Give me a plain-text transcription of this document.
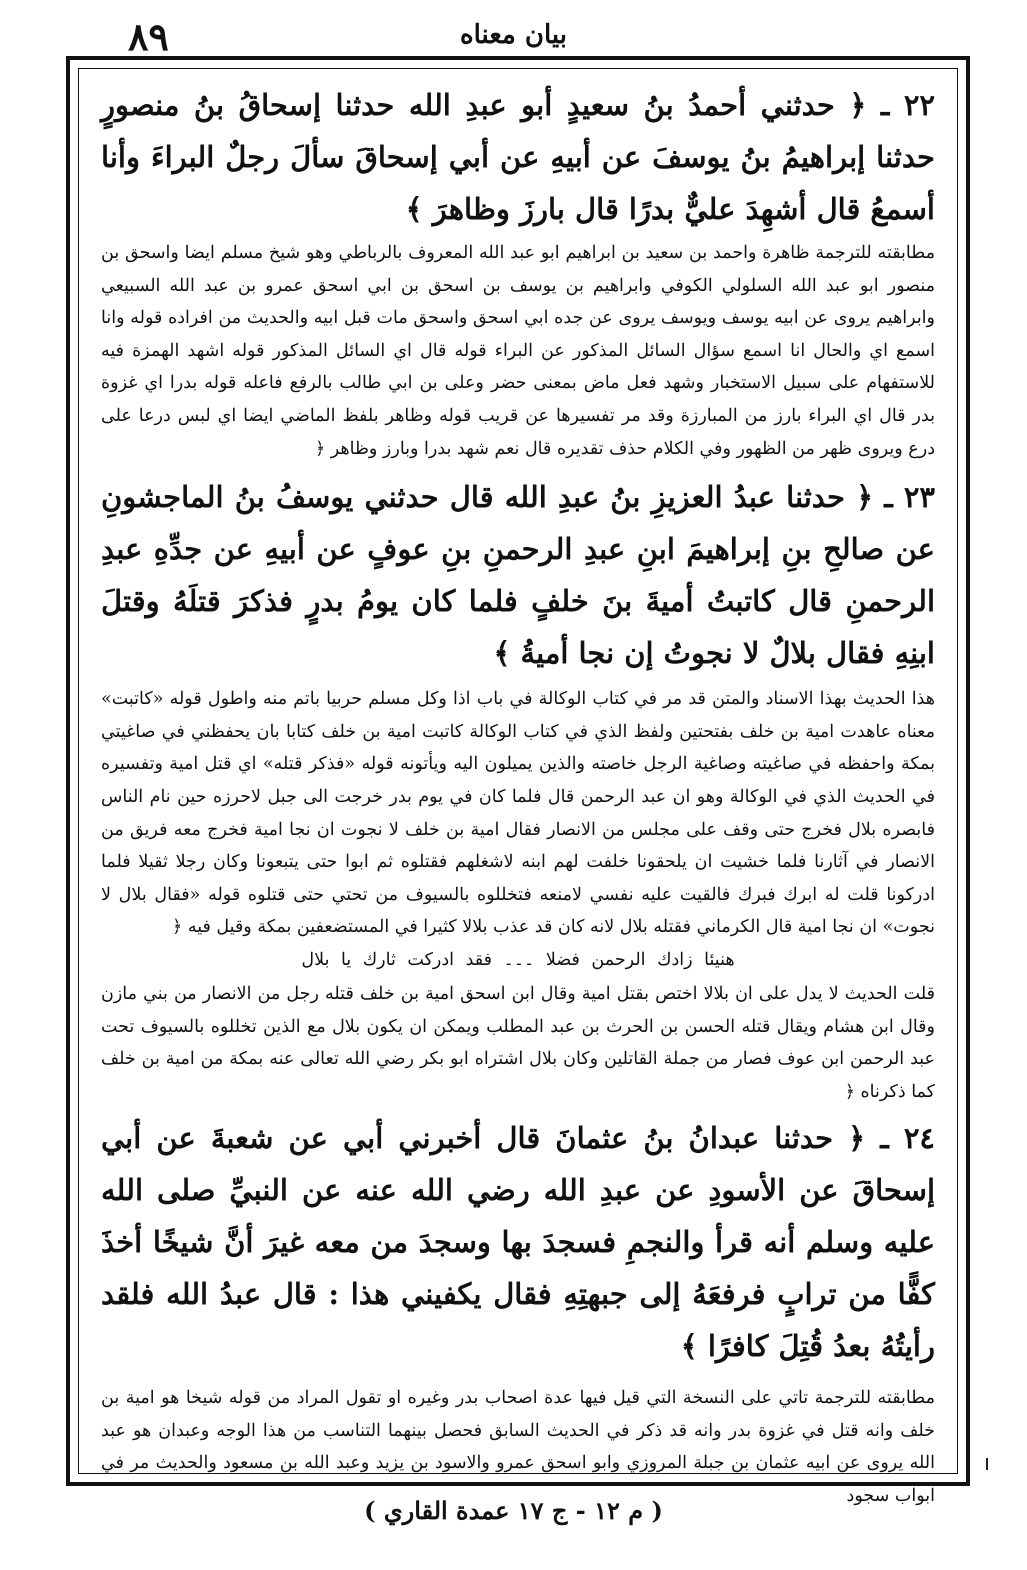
٨٩	بيان معناه

٢٢ ـ ﴿ حدثني أحمدُ بنُ سعيدٍ أبو عبدِ الله حدثنا إسحاقُ بنُ منصورٍ حدثنا إبراهيمُ بنُ يوسفَ عن أبيهِ عن أبي إسحاقَ سألَ رجلٌ البراءَ وأنا أسمعُ قال أشهِدَ عليٌّ بدرًا قال بارزَ وظاهرَ ﴾

مطابقته للترجمة ظاهرة واحمد بن سعيد بن ابراهيم ابو عبد الله المعروف بالرباطي وهو شيخ مسلم ايضا واسحق بن منصور ابو عبد الله السلولي الكوفي وابراهيم بن يوسف بن اسحق بن ابي اسحق عمرو بن عبد الله السبيعي وابراهيم يروى عن ابيه يوسف ويوسف يروى عن جده ابي اسحق واسحق مات قبل ابيه والحديث من افراده قوله وانا اسمع اي والحال انا اسمع سؤال السائل المذكور عن البراء قوله قال اي السائل المذكور قوله اشهد الهمزة فيه للاستفهام على سبيل الاستخبار وشهد فعل ماض بمعنى حضر وعلى بن ابي طالب بالرفع فاعله قوله بدرا اي غزوة بدر قال اي البراء بارز من المبارزة وقد مر تفسيرها عن قريب قوله وظاهر بلفظ الماضي ايضا اي لبس درعا على درع ويروى ظهر من الظهور وفي الكلام حذف تقديره قال نعم شهد بدرا وبارز وظاهر ﴿

٢٣ ـ ﴿ حدثنا عبدُ العزيزِ بنُ عبدِ الله قال حدثني يوسفُ بنُ الماجشونِ عن صالحِ بنِ إبراهيمَ ابنِ عبدِ الرحمنِ بنِ عوفٍ عن أبيهِ عن جدِّهِ عبدِ الرحمنِ قال كاتبتُ أميةَ بنَ خلفٍ فلما كان يومُ بدرٍ فذكرَ قتلَهُ وقتلَ ابنِهِ فقال بلالٌ لا نجوتُ إن نجا أميةُ ﴾

هذا الحديث بهذا الاسناد والمتن قد مر في كتاب الوكالة في باب اذا وكل مسلم حربيا باتم منه واطول قوله «كاتبت» معناه عاهدت امية بن خلف بفتحتين ولفظ الذي في كتاب الوكالة كاتبت امية بن خلف كتابا بان يحفظني في صاغيتي بمكة واحفظه في صاغيته وصاغية الرجل خاصته والذين يميلون اليه ويأتونه قوله «فذكر قتله» اي قتل امية وتفسيره في الحديث الذي في الوكالة وهو ان عبد الرحمن قال فلما كان في يوم بدر خرجت الى جبل لاحرزه حين نام الناس فابصره بلال فخرج حتى وقف على مجلس من الانصار فقال امية بن خلف لا نجوت ان نجا امية فخرج معه فريق من الانصار في آثارنا فلما خشيت ان يلحقونا خلفت لهم ابنه لاشغلهم فقتلوه ثم ابوا حتى يتبعونا وكان رجلا ثقيلا فلما ادركونا قلت له ابرك فبرك فالقيت عليه نفسي لامنعه فتخللوه بالسيوف من تحتي حتى قتلوه قوله «فقال بلال لا نجوت» ان نجا امية قال الكرماني فقتله بلال لانه كان قد عذب بلالا كثيرا في المستضعفين بمكة وقيل فيه ﴿

هنيئا زادك الرحمن فضلا ۔۔۔ فقد ادركت ثارك يا بلال

قلت الحديث لا يدل على ان بلالا اختص بقتل امية وقال ابن اسحق امية بن خلف قتله رجل من الانصار من بني مازن وقال ابن هشام ويقال قتله الحسن بن الحرث بن عبد المطلب ويمكن ان يكون بلال مع الذين تخللوه بالسيوف تحت عبد الرحمن ابن عوف فصار من جملة القاتلين وكان بلال اشتراه ابو بكر رضي الله تعالى عنه بمكة من امية بن خلف كما ذكرناه ﴿

٢٤ ـ ﴿ حدثنا عبدانُ بنُ عثمانَ قال أخبرني أبي عن شعبةَ عن أبي إسحاقَ عن الأسودِ عن عبدِ الله رضي الله عنه عن النبيِّ صلى الله عليه وسلم أنه قرأ والنجمِ فسجدَ بها وسجدَ من معه غيرَ أنَّ شيخًا أخذَ كفًّا من ترابٍ فرفعَهُ إلى جبهتِهِ فقال يكفيني هذا : قال عبدُ الله فلقد رأيتُهُ بعدُ قُتِلَ كافرًا ﴾

مطابقته للترجمة تاتي على النسخة التي قيل فيها عدة اصحاب بدر وغيره او تقول المراد من قوله شيخا هو امية بن خلف وانه قتل في غزوة بدر وانه قد ذكر في الحديث السابق فحصل بينهما التناسب من هذا الوجه وعبدان هو عبد الله يروى عن ابيه عثمان بن جبلة المروزي وابو اسحق عمرو والاسود بن يزيد وعبد الله بن مسعود والحديث مر في ابواب سجود

( م ١٢ - ج ١٧ عمدة القاري )
